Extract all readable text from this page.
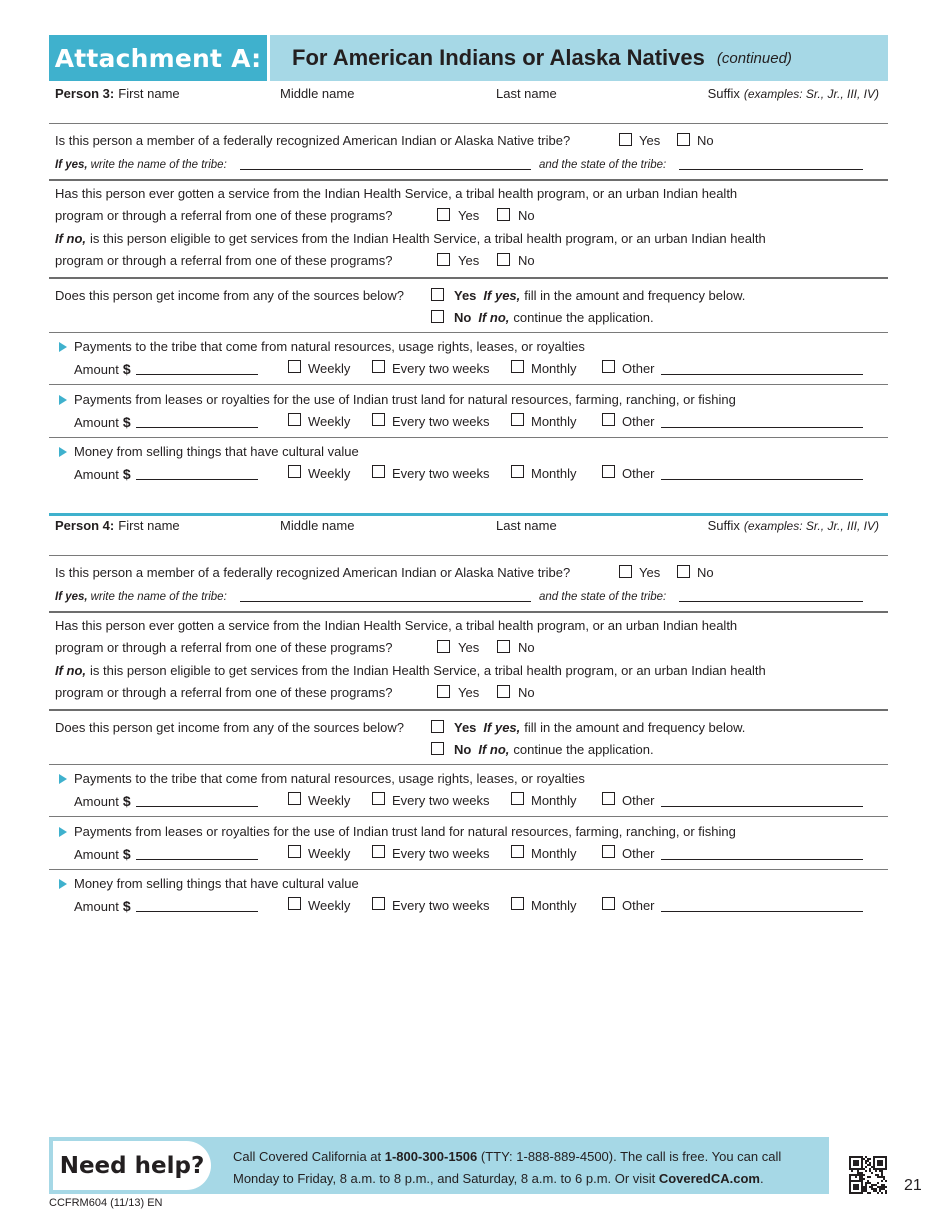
Attachment A: For American Indians or Alaska Natives (continued)
Person 3: First name	Middle name	Last name	Suffix (examples: Sr., Jr., III, IV)
Is this person a member of a federally recognized American Indian or Alaska Native tribe?	Yes	No
If yes, write the name of the tribe:	and the state of the tribe:
Has this person ever gotten a service from the Indian Health Service, a tribal health program, or an urban Indian health
program or through a referral from one of these programs?	Yes	No
If no, is this person eligible to get services from the Indian Health Service, a tribal health program, or an urban Indian health
program or through a referral from one of these programs?	Yes	No
Does this person get income from any of the sources below?	Yes If yes, fill in the amount and frequency below.
No If no, continue the application.
Payments to the tribe that come from natural resources, usage rights, leases, or royalties
Amount $	Weekly	Every two weeks	Monthly	Other
Payments from leases or royalties for the use of Indian trust land for natural resources, farming, ranching, or fishing
Amount $	Weekly	Every two weeks	Monthly	Other
Money from selling things that have cultural value
Amount $	Weekly	Every two weeks	Monthly	Other
Person 4: First name	Middle name	Last name	Suffix (examples: Sr., Jr., III, IV)
Is this person a member of a federally recognized American Indian or Alaska Native tribe?	Yes	No
If yes, write the name of the tribe:	and the state of the tribe:
Has this person ever gotten a service from the Indian Health Service, a tribal health program, or an urban Indian health
program or through a referral from one of these programs?	Yes	No
If no, is this person eligible to get services from the Indian Health Service, a tribal health program, or an urban Indian health
program or through a referral from one of these programs?	Yes	No
Does this person get income from any of the sources below?	Yes If yes, fill in the amount and frequency below.
No If no, continue the application.
Payments to the tribe that come from natural resources, usage rights, leases, or royalties
Amount $	Weekly	Every two weeks	Monthly	Other
Payments from leases or royalties for the use of Indian trust land for natural resources, farming, ranching, or fishing
Amount $	Weekly	Every two weeks	Monthly	Other
Money from selling things that have cultural value
Amount $	Weekly	Every two weeks	Monthly	Other
Need help? Call Covered California at 1-800-300-1506 (TTY: 1-888-889-4500). The call is free. You can call
Monday to Friday, 8 a.m. to 8 p.m., and Saturday, 8 a.m. to 6 p.m. Or visit CoveredCA.com.	21
CCFRM604 (11/13) EN
